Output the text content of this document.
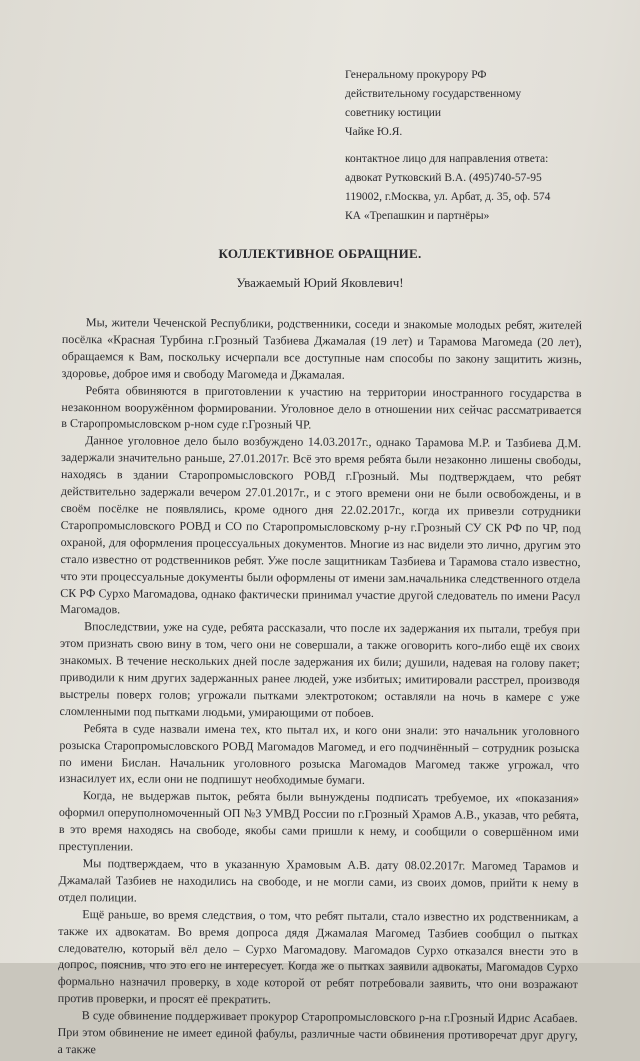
Генеральному прокурору РФ
действительному государственному
советнику юстиции
Чайке Ю.Я.
контактное лицо для направления ответа:
адвокат Рутковский В.А. (495)740-57-95
119002, г.Москва, ул. Арбат, д. 35, оф. 574
КА «Трепашкин и партнёры»
КОЛЛЕКТИВНОЕ ОБРАЩНИЕ.
Уважаемый Юрий Яковлевич!

Мы, жители Чеченской Республики, родственники, соседи и знакомые молодых ребят, жителей посёлка «Красная Турбина г.Грозный Тазбиева Джамалая (19 лет) и Тарамова Магомеда (20 лет), обращаемся к Вам, поскольку исчерпали все доступные нам способы по закону защитить жизнь, здоровье, доброе имя и свободу Магомеда и Джамалая.

Ребята обвиняются в приготовлении к участию на территории иностранного государства в незаконном вооружённом формировании. Уголовное дело в отношении них сейчас рассматривается в Старопромысловском р-ном суде г.Грозный ЧР.

Данное уголовное дело было возбуждено 14.03.2017г., однако Тарамова М.Р. и Тазбиева Д.М. задержали значительно раньше, 27.01.2017г. Всё это время ребята были незаконно лишены свободы, находясь в здании Старопромысловского РОВД г.Грозный. Мы подтверждаем, что ребят действительно задержали вечером 27.01.2017г., и с этого времени они не были освобождены, и в своём посёлке не появлялись, кроме одного дня 22.02.2017г., когда их привезли сотрудники Старопромысловского РОВД и СО по Старопромысловскому р-ну г.Грозный СУ СК РФ по ЧР, под охраной, для оформления процессуальных документов. Многие из нас видели это лично, другим это стало известно от родственников ребят. Уже после защитникам Тазбиева и Тарамова стало известно, что эти процессуальные документы были оформлены от имени зам.начальника следственного отдела СК РФ Сурхо Магомадова, однако фактически принимал участие другой следователь по имени Расул Магомадов.

Впоследствии, уже на суде, ребята рассказали, что после их задержания их пытали, требуя при этом признать свою вину в том, чего они не совершали, а также оговорить кого-либо ещё их своих знакомых. В течение нескольких дней после задержания их били; душили, надевая на голову пакет; приводили к ним других задержанных ранее людей, уже избитых; имитировали расстрел, производя выстрелы поверх голов; угрожали пытками электротоком; оставляли на ночь в камере с уже сломленными под пытками людьми, умирающими от побоев.

Ребята в суде назвали имена тех, кто пытал их, и кого они знали: это начальник уголовного розыска Старопромысловского РОВД Магомадов Магомед, и его подчинённый – сотрудник розыска по имени Бислан. Начальник уголовного розыска Магомадов Магомед также угрожал, что изнасилует их, если они не подпишут необходимые бумаги.

Когда, не выдержав пыток, ребята были вынуждены подписать требуемое, их «показания» оформил оперуполномоченный ОП №3 УМВД России по г.Грозный Храмов А.В., указав, что ребята, в это время находясь на свободе, якобы сами пришли к нему, и сообщили о совершённом ими преступлении.

Мы подтверждаем, что в указанную Храмовым А.В. дату 08.02.2017г. Магомед Тарамов и Джамалай Тазбиев не находились на свободе, и не могли сами, из своих домов, прийти к нему в отдел полиции.

Ещё раньше, во время следствия, о том, что ребят пытали, стало известно их родственникам, а также их адвокатам. Во время допроса дядя Джамалая Магомед Тазбиев сообщил о пытках следователю, который вёл дело – Сурхо Магомадову. Магомадов Сурхо отказался внести это в допрос, пояснив, что это его не интересует. Когда же о пытках заявили адвокаты, Магомадов Сурхо формально назначил проверку, в ходе которой от ребят потребовали заявить, что они возражают против проверки, и просят её прекратить.

В суде обвинение поддерживает прокурор Старопромысловского р-на г.Грозный Идрис Асабаев. При этом обвинение не имеет единой фабулы, различные части обвинения противоречат друг другу, а также
